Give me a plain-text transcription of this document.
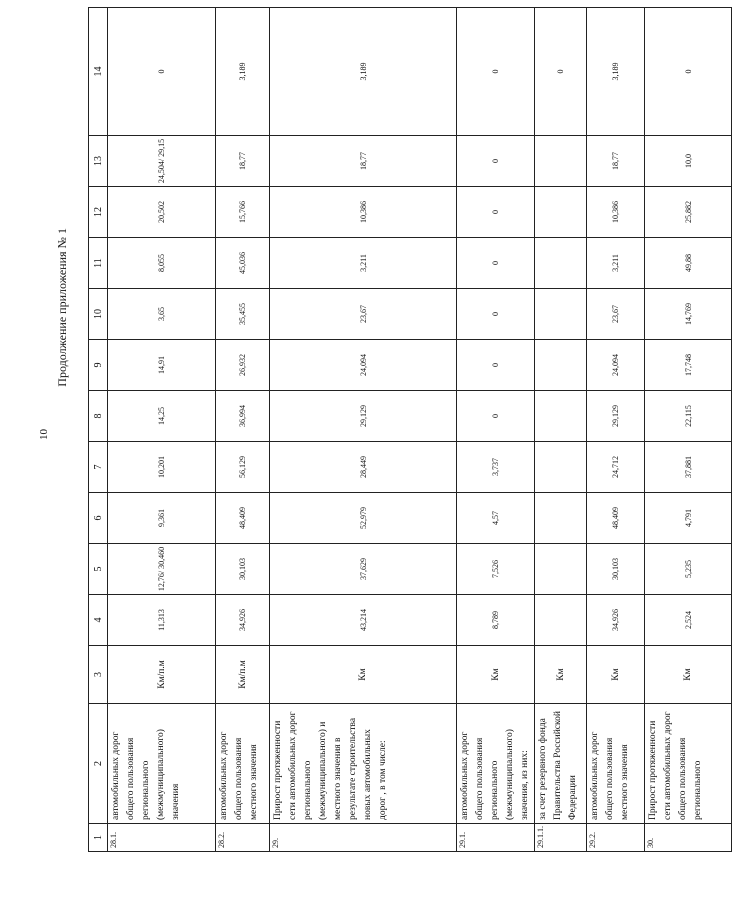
10
Продолжение приложения № 1
1	2	3	4	5	6	7	8	9	10	11	12	13	14
28.1.	автомобильных дорог общего пользования регионального (межмуниципального) значения	Км/п.м	11,313	12,76/ 30,460	9,361	10,201	14,25	14,91	3,65	8,055	20,502	24,504/ 29,15	0
28.2.	автомобильных дорог общего пользования местного значения	Км/п.м	34,926	30,103	48,409	56,129	36,994	26,932	35,455	45,036	15,766	18,77	3,189
29.	Прирост протяженности сети автомобильных дорог регионального (межмуниципального) и местного значения в результате строительства новых автомобильных дорог , в том числе:	Км	43,214	37,629	52,979	28,449	29,129	24,094	23,67	3,211	10,386	18,77	3,189
29.1.	автомобильных дорог общего пользования регионального (межмуниципального) значения, из них:	Км	8,789	7,526	4,57	3,737	0	0	0	0	0	0	0
29.1.1.	за счет резервного фонда Правительства Российской Федерации	Км											0
29.2.	автомобильных дорог общего пользования местного значения	Км	34,926	30,103	48,409	24,712	29,129	24,094	23,67	3,211	10,386	18,77	3,189
30.	Прирост протяженности сети автомобильных дорог общего пользования регионального	Км	2,524	5,235	4,791	37,881	22,115	17,748	14,769	49,88	25,882	10,0	0
